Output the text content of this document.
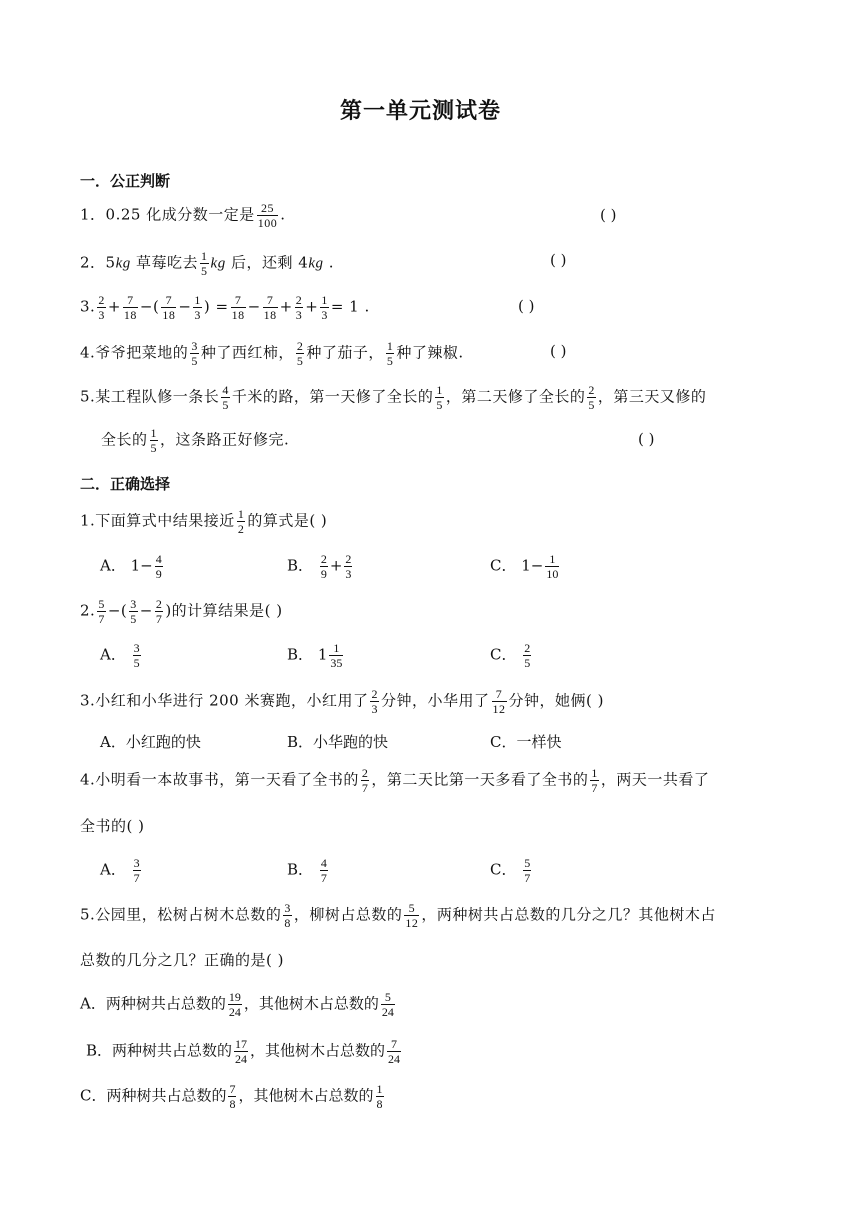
第一单元测试卷
一．公正判断
1．0.25 化成分数一定是 $\frac{25}{100}$ .	( )
2．5kg 草莓吃去 $\frac{1}{5}$ kg 后，还剩 4kg .	( )
3. $\frac{2}{3} + \frac{7}{18}$ −( $\frac{7}{18} - \frac{1}{3}$ ) = $\frac{7}{18} - \frac{7}{18} + \frac{2}{3} + \frac{1}{3} = 1$ .	( )
4.爷爷把菜地的 $\frac{3}{5}$ 种了西红柿， $\frac{2}{5}$ 种了茄子， $\frac{1}{5}$ 种了辣椒.	( )
5.某工程队修一条长 $\frac{4}{5}$ 千米的路，第一天修了全长的 $\frac{1}{5}$ ，第二天修了全长的 $\frac{2}{5}$ ，第三天又修的
全长的 $\frac{1}{5}$ ，这条路正好修完.	( )
二．正确选择
1.下面算式中结果接近 $\frac{1}{2}$ 的算式是( )
A． $1- \frac{4}{9}$	B． $\frac{2}{9} + \frac{2}{3}$	C． $1- \frac{1}{10}$
2. $\frac{5}{7}$ −( $\frac{3}{5} - \frac{2}{7}$ )的计算结果是( )
A． $\frac{3}{5}$	B． $1 \frac{1}{35}$	C． $\frac{2}{5}$
3.小红和小华进行 200 米赛跑，小红用了 $\frac{2}{3}$ 分钟，小华用了 $\frac{7}{12}$ 分钟，她俩( )
A．小红跑的快	B．小华跑的快	C．一样快
4.小明看一本故事书，第一天看了全书的 $\frac{2}{7}$ ，第二天比第一天多看了全书的 $\frac{1}{7}$ ，两天一共看了
全书的( )
A． $\frac{3}{7}$	B． $\frac{4}{7}$	C． $\frac{5}{7}$
5.公园里，松树占树木总数的 $\frac{3}{8}$ ，柳树占总数的 $\frac{5}{12}$ ，两种树共占总数的几分之几？其他树木占
总数的几分之几？正确的是( )
A．两种树共占总数的 $\frac{19}{24}$ ，其他树木占总数的 $\frac{5}{24}$
B．两种树共占总数的 $\frac{17}{24}$ ，其他树木占总数的 $\frac{7}{24}$
C．两种树共占总数的 $\frac{7}{8}$ ，其他树木占总数的 $\frac{1}{8}$
